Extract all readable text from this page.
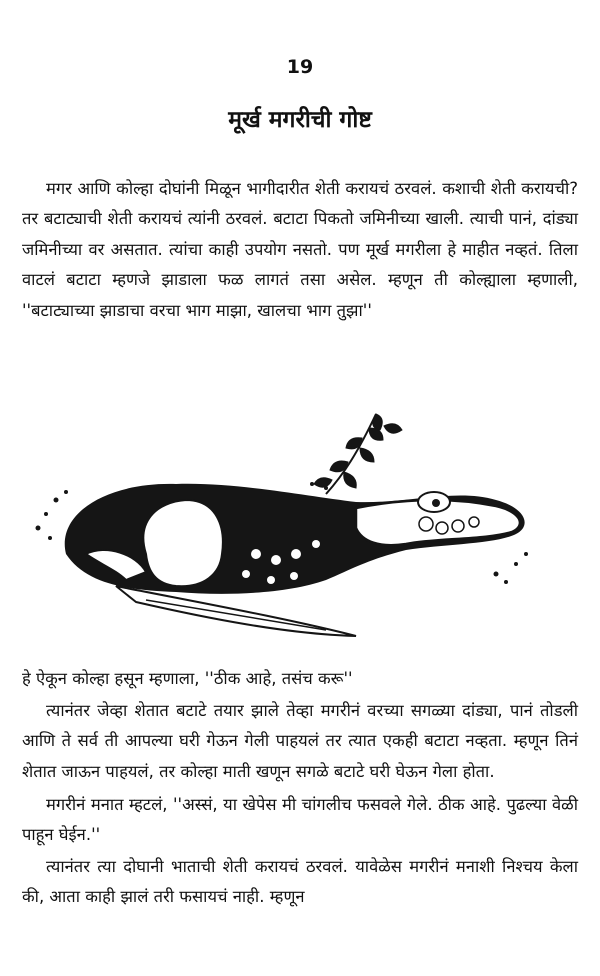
19
मूर्ख मगरीची गोष्ट

मगर आणि कोल्हा दोघांनी मिळून भागीदारीत शेती करायचं ठरवलं. कशाची शेती करायची? तर बटाट्याची शेती करायचं त्यांनी ठरवलं. बटाटा पिकतो जमिनीच्या खाली. त्याची पानं, दांड्या जमिनीच्या वर असतात. त्यांचा काही उपयोग नसतो. पण मूर्ख मगरीला हे माहीत नव्हतं. तिला वाटलं बटाटा म्हणजे झाडाला फळ लागतं तसा असेल. म्हणून ती कोल्ह्याला म्हणाली, ''बटाट्याच्या झाडाचा वरचा भाग माझा, खालचा भाग तुझा''

हे ऐकून कोल्हा हसून म्हणाला, ''ठीक आहे, तसंच करू''

त्यानंतर जेव्हा शेतात बटाटे तयार झाले तेव्हा मगरीनं वरच्या सगळ्या दांड्या, पानं तोडली आणि ते सर्व ती आपल्या घरी गेऊन गेली पाहयलं तर त्यात एकही बटाटा नव्हता. म्हणून तिनं शेतात जाऊन पाहयलं, तर कोल्हा माती खणून सगळे बटाटे घरी घेऊन गेला होता.

मगरीनं मनात म्हटलं, ''अस्सं, या खेपेस मी चांगलीच फसवले गेले. ठीक आहे. पुढल्या वेळी पाहून घेईन.''

त्यानंतर त्या दोघानी भाताची शेती करायचं ठरवलं. यावेळेस मगरीनं मनाशी निश्चय केला की, आता काही झालं तरी फसायचं नाही. म्हणून
